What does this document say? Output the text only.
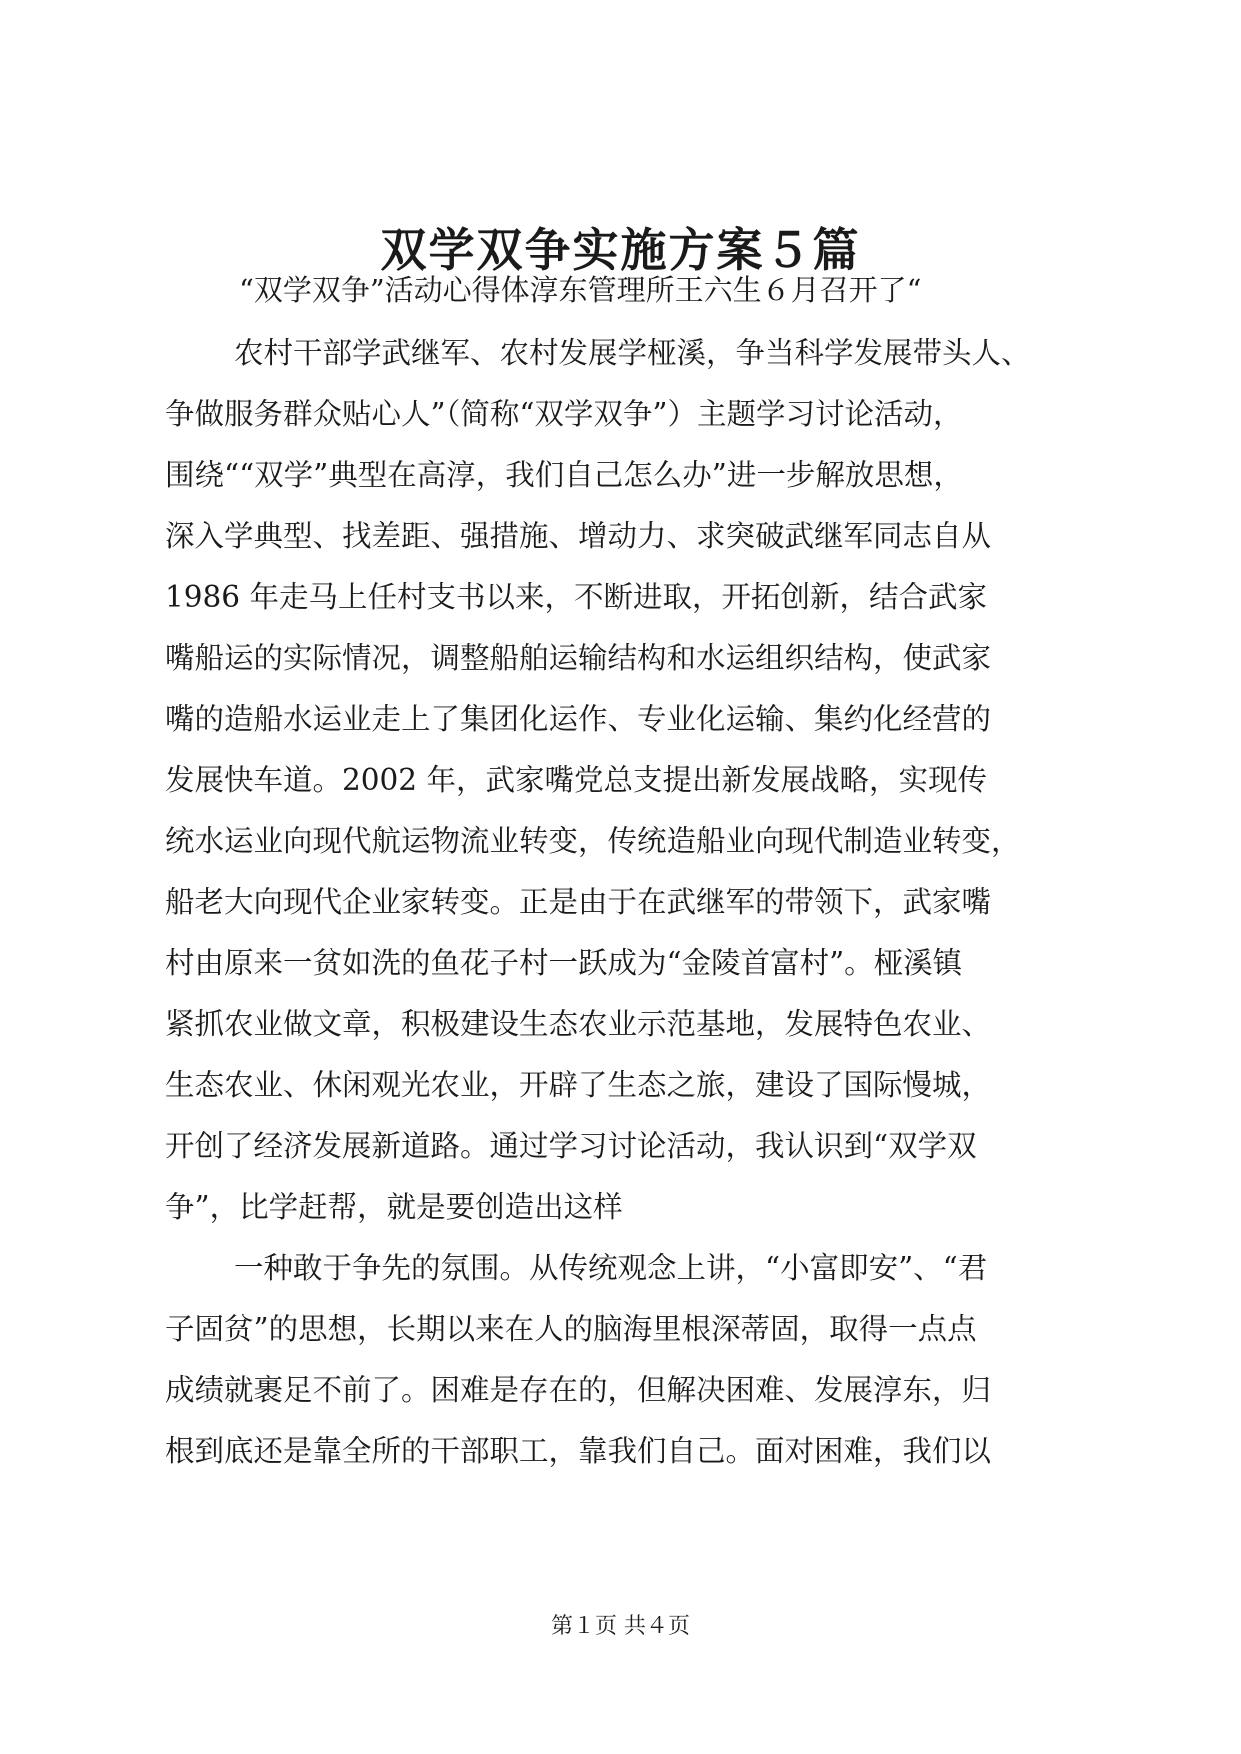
双学双争实施方案５篇

“双学双争”活动心得体淳东管理所王六生６月召开了“

农村干部学武继军、农村发展学桠溪，争当科学发展带头人、

争做服务群众贴心人”（简称“双学双争”）主题学习讨论活动，

围绕““双学”典型在高淳，我们自己怎么办”进一步解放思想，

深入学典型、找差距、强措施、增动力、求突破武继军同志自从

1986 年走马上任村支书以来，不断进取，开拓创新，结合武家

嘴船运的实际情况，调整船舶运输结构和水运组织结构，使武家

嘴的造船水运业走上了集团化运作、专业化运输、集约化经营的

发展快车道。2002 年，武家嘴党总支提出新发展战略，实现传

统水运业向现代航运物流业转变，传统造船业向现代制造业转变，

船老大向现代企业家转变。正是由于在武继军的带领下，武家嘴

村由原来一贫如洗的鱼花子村一跃成为“金陵首富村”。桠溪镇

紧抓农业做文章，积极建设生态农业示范基地，发展特色农业、

生态农业、休闲观光农业，开辟了生态之旅，建设了国际慢城，

开创了经济发展新道路。通过学习讨论活动，我认识到“双学双

争”，比学赶帮，就是要创造出这样

一种敢于争先的氛围。从传统观念上讲，“小富即安”、“君

子固贫”的思想，长期以来在人的脑海里根深蒂固，取得一点点

成绩就裹足不前了。困难是存在的，但解决困难、发展淳东，归

根到底还是靠全所的干部职工，靠我们自己。面对困难，我们以

第１页 共４页
